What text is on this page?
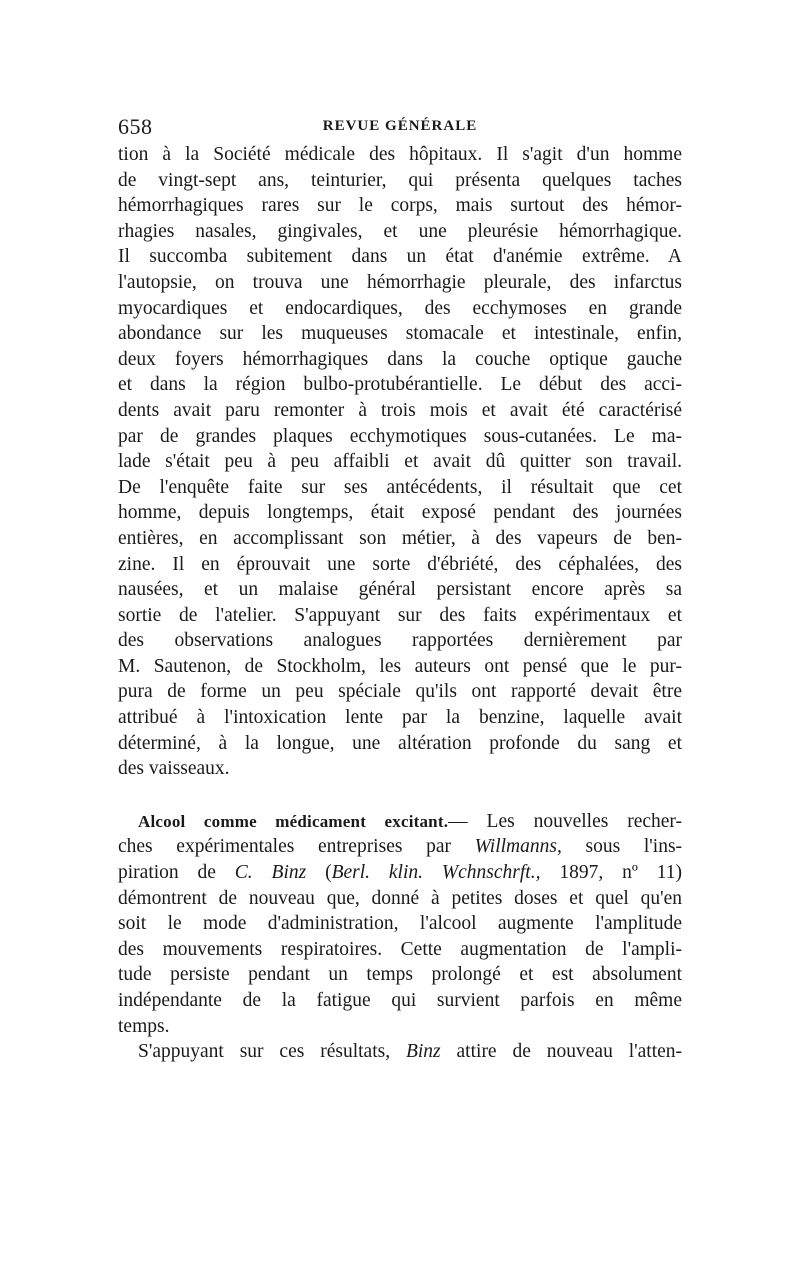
658	REVUE GÉNÉRALE
tion à la Société médicale des hôpitaux. Il s'agit d'un homme
de vingt-sept ans, teinturier, qui présenta quelques taches
hémorrhagiques rares sur le corps, mais surtout des hémor-
rhagies nasales, gingivales, et une pleurésie hémorrhagique.
Il succomba subitement dans un état d'anémie extrême. A
l'autopsie, on trouva une hémorrhagie pleurale, des infarctus
myocardiques et endocardiques, des ecchymoses en grande
abondance sur les muqueuses stomacale et intestinale, enfin,
deux foyers hémorrhagiques dans la couche optique gauche
et dans la région bulbo-protubérantielle. Le début des acci-
dents avait paru remonter à trois mois et avait été caractérisé
par de grandes plaques ecchymotiques sous-cutanées. Le ma-
lade s'était peu à peu affaibli et avait dû quitter son travail.
De l'enquête faite sur ses antécédents, il résultait que cet
homme, depuis longtemps, était exposé pendant des journées
entières, en accomplissant son métier, à des vapeurs de ben-
zine. Il en éprouvait une sorte d'ébriété, des céphalées, des
nausées, et un malaise général persistant encore après sa
sortie de l'atelier. S'appuyant sur des faits expérimentaux et
des observations analogues rapportées dernièrement par
M. Sautenon, de Stockholm, les auteurs ont pensé que le pur-
pura de forme un peu spéciale qu'ils ont rapporté devait être
attribué à l'intoxication lente par la benzine, laquelle avait
déterminé, à la longue, une altération profonde du sang et
des vaisseaux.
Alcool comme médicament excitant.— Les nouvelles recher-
ches expérimentales entreprises par Willmanns, sous l'ins-
piration de C. Binz (Berl. klin. Wchnschrft., 1897, nº 11)
démontrent de nouveau que, donné à petites doses et quel qu'en
soit le mode d'administration, l'alcool augmente l'amplitude
des mouvements respiratoires. Cette augmentation de l'ampli-
tude persiste pendant un temps prolongé et est absolument
indépendante de la fatigue qui survient parfois en même
temps.
S'appuyant sur ces résultats, Binz attire de nouveau l'atten-
